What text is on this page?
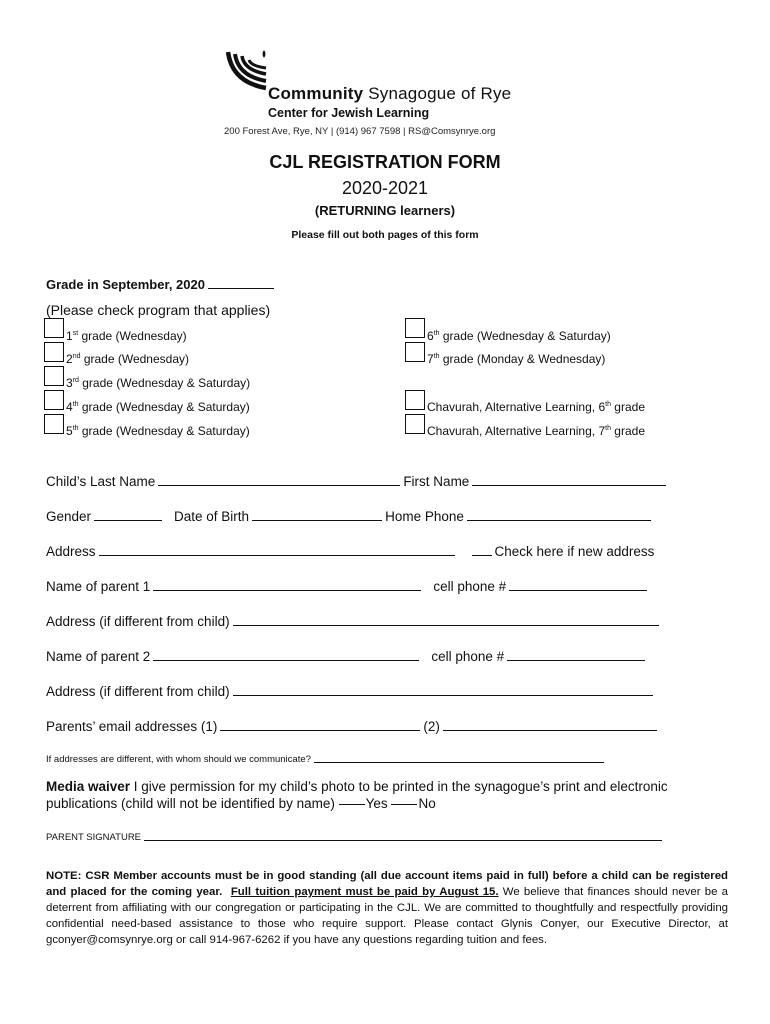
Community Synagogue of Rye
Center for Jewish Learning
200 Forest Ave, Rye, NY | (914) 967 7598 | RS@Comsynrye.org
CJL REGISTRATION FORM
2020-2021
(RETURNING learners)
Please fill out both pages of this form
Grade in September, 2020
(Please check program that applies)
1st grade (Wednesday)
2nd grade (Wednesday)
3rd grade (Wednesday & Saturday)
4th grade (Wednesday & Saturday)
5th grade (Wednesday & Saturday)
6th grade (Wednesday & Saturday)
7th grade (Monday & Wednesday)
Chavurah, Alternative Learning, 6th grade
Chavurah, Alternative Learning, 7th grade
Child’s Last Name	First Name
Gender	Date of Birth	Home Phone
Address	Check here if new address
Name of parent 1	cell phone #
Address (if different from child)
Name of parent 2	cell phone #
Address (if different from child)
Parents’ email addresses (1)	(2)
If addresses are different, with whom should we communicate?
Media waiver I give permission for my child’s photo to be printed in the synagogue’s print and electronic publications (child will not be identified by name) Yes No
PARENT SIGNATURE
NOTE: CSR Member accounts must be in good standing (all due account items paid in full) before a child can be registered and placed for the coming year. Full tuition payment must be paid by August 15. We believe that finances should never be a deterrent from affiliating with our congregation or participating in the CJL. We are committed to thoughtfully and respectfully providing confidential need-based assistance to those who require support. Please contact Glynis Conyer, our Executive Director, at gconyer@comsynrye.org or call 914-967-6262 if you have any questions regarding tuition and fees.
